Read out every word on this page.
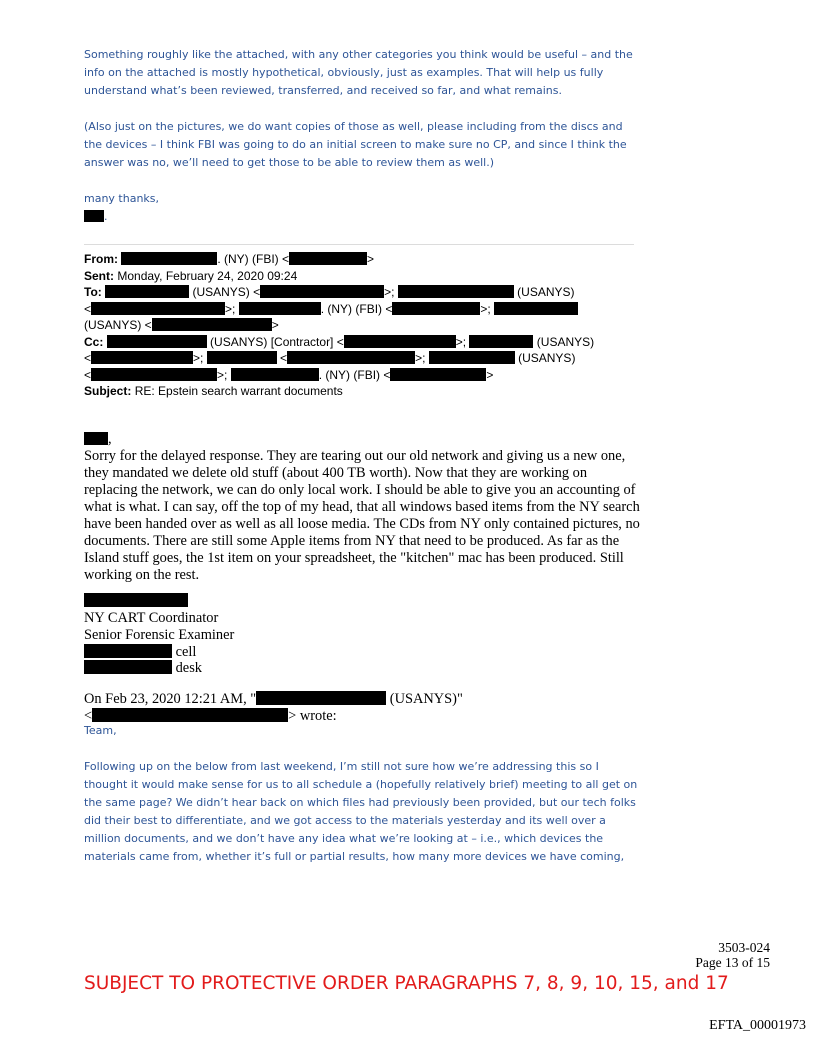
Something roughly like the attached, with any other categories you think would be useful – and the info on the attached is mostly hypothetical, obviously, just as examples. That will help us fully understand what’s been reviewed, transferred, and received so far, and what remains.

(Also just on the pictures, we do want copies of those as well, please including from the discs and the devices – I think FBI was going to do an initial screen to make sure no CP, and since I think the answer was no, we’ll need to get those to be able to review them as well.)

many thanks,

.
From:	. (NY) (FBI) <	>
Sent: Monday, February 24, 2020 09:24
To:	(USANYS) <	>;	(USANYS)
<	>;	. (NY) (FBI) <	>;
(USANYS) <	>
Cc:	(USANYS) [Contractor] <	>;	(USANYS)
<	>;	<	>;	(USANYS)
<	>;	. (NY) (FBI) <	>
Subject: RE: Epstein search warrant documents
,

Sorry for the delayed response. They are tearing out our old network and giving us a new one, they mandated we delete old stuff (about 400 TB worth). Now that they are working on replacing the network, we can do only local work. I should be able to give you an accounting of what is what. I can say, off the top of my head, that all windows based items from the NY search have been handed over as well as all loose media. The CDs from NY only contained pictures, no documents. There are still some Apple items from NY that need to be produced. As far as the Island stuff goes, the 1st item on your spreadsheet, the "kitchen" mac has been produced. Still working on the rest.

NY CART Coordinator
Senior Forensic Examiner
cell
desk
On Feb 23, 2020 12:21 AM, "	(USANYS)"
<	> wrote:
Team,

Following up on the below from last weekend, I’m still not sure how we’re addressing this so I thought it would make sense for us to all schedule a (hopefully relatively brief) meeting to all get on the same page? We didn’t hear back on which files had previously been provided, but our tech folks did their best to differentiate, and we got access to the materials yesterday and its well over a million documents, and we don’t have any idea what we’re looking at – i.e., which devices the materials came from, whether it’s full or partial results, how many more devices we have coming,

3503-024
Page 13 of 15
SUBJECT TO PROTECTIVE ORDER PARAGRAPHS 7, 8, 9, 10, 15, and 17
EFTA_00001973
